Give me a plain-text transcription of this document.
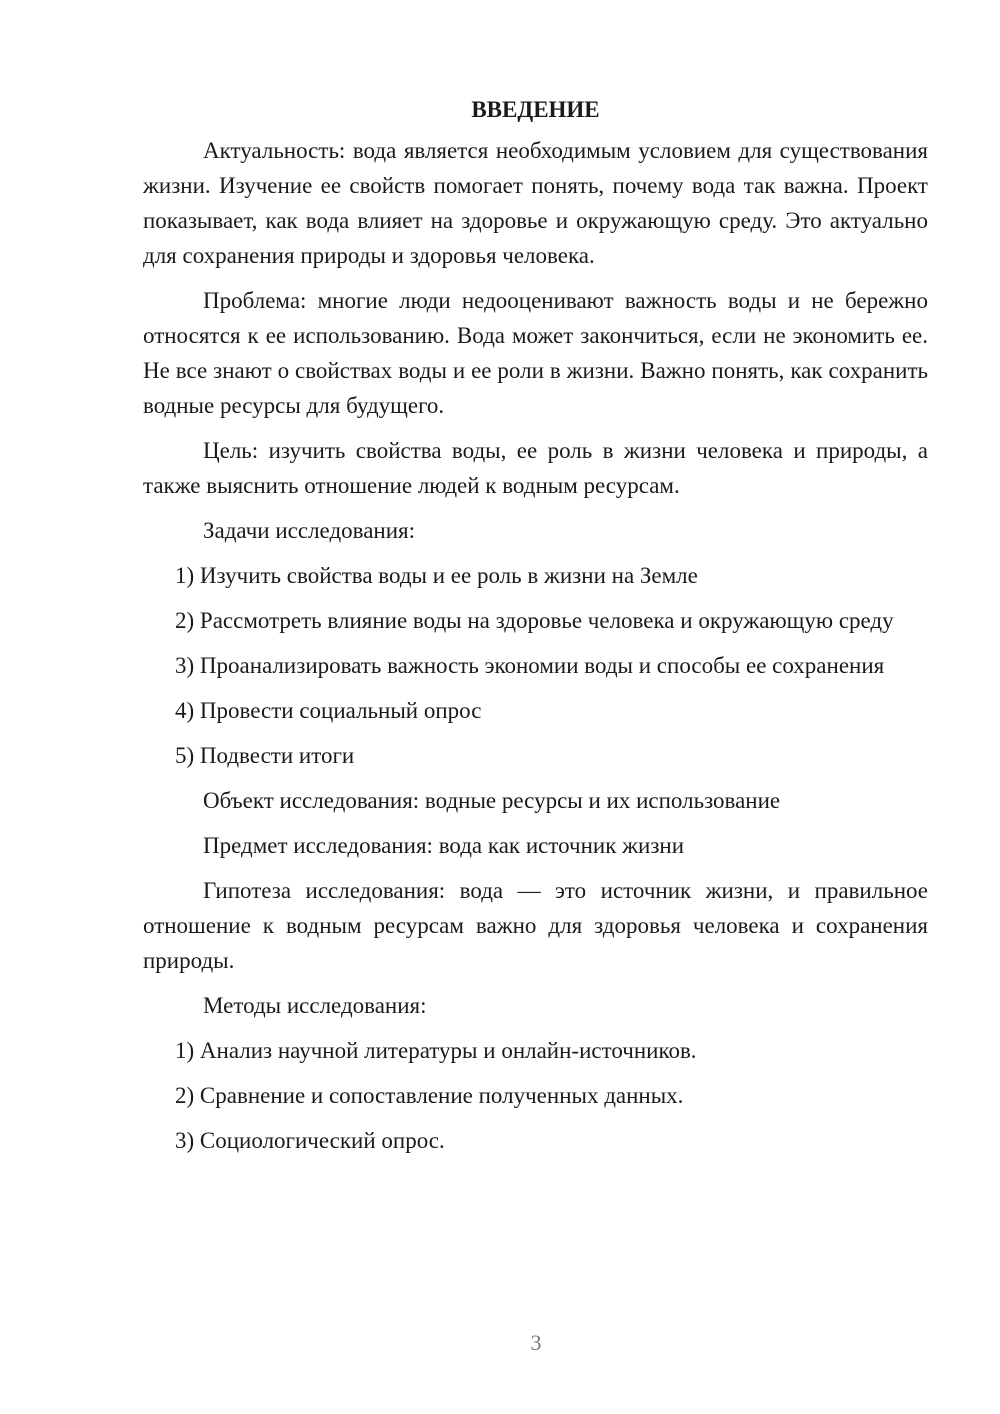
ВВЕДЕНИЕ

Актуальность: вода является необходимым условием для существования жизни. Изучение ее свойств помогает понять, почему вода так важна. Проект показывает, как вода влияет на здоровье и окружающую среду. Это актуально для сохранения природы и здоровья человека.

Проблема: многие люди недооценивают важность воды и не бережно относятся к ее использованию. Вода может закончиться, если не экономить ее. Не все знают о свойствах воды и ее роли в жизни. Важно понять, как сохранить водные ресурсы для будущего.

Цель: изучить свойства воды, ее роль в жизни человека и природы, а также выяснить отношение людей к водным ресурсам.

Задачи исследования:

1) Изучить свойства воды и ее роль в жизни на Земле

2) Рассмотреть влияние воды на здоровье человека и окружающую среду

3) Проанализировать важность экономии воды и способы ее сохранения

4) Провести социальный опрос

5) Подвести итоги

Объект исследования: водные ресурсы и их использование

Предмет исследования: вода как источник жизни

Гипотеза исследования: вода — это источник жизни, и правильное отношение к водным ресурсам важно для здоровья человека и сохранения природы.

Методы исследования:

1) Анализ научной литературы и онлайн-источников.

2) Сравнение и сопоставление полученных данных.

3) Социологический опрос.

3
